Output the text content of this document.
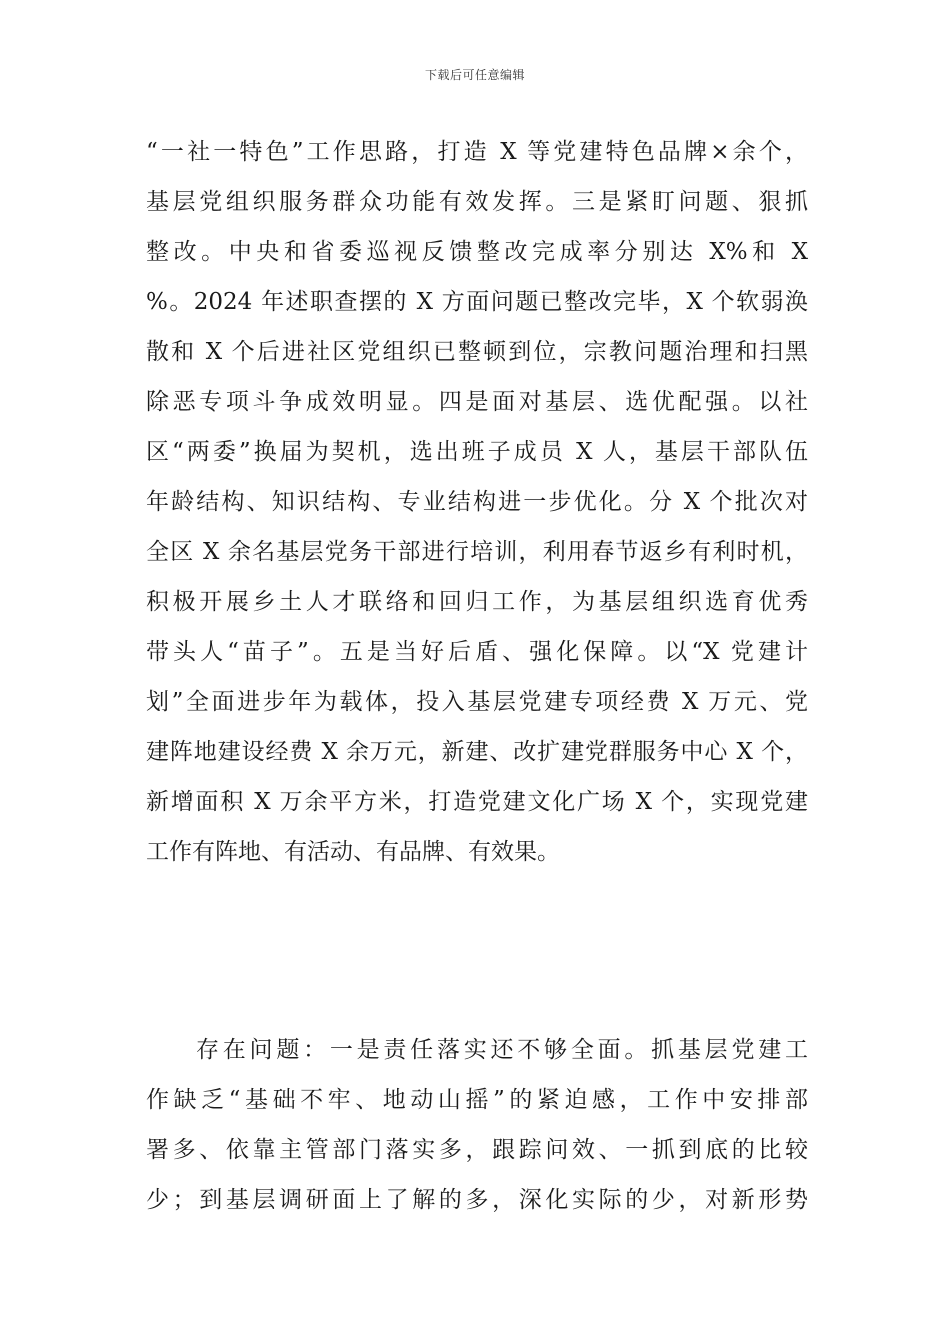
下载后可任意编辑
“一社一特色”工作思路，打造 X 等党建特色品牌×余个，
基层党组织服务群众功能有效发挥。三是紧盯问题、狠抓
整改。中央和省委巡视反馈整改完成率分别达 X%和 X
%。2024 年述职查摆的 X 方面问题已整改完毕，X 个软弱涣
散和 X 个后进社区党组织已整顿到位，宗教问题治理和扫黑
除恶专项斗争成效明显。四是面对基层、选优配强。以社
区“两委”换届为契机，选出班子成员 X 人，基层干部队伍
年龄结构、知识结构、专业结构进一步优化。分 X 个批次对
全区 X 余名基层党务干部进行培训，利用春节返乡有利时机，
积极开展乡土人才联络和回归工作，为基层组织选育优秀
带头人“苗子”。五是当好后盾、强化保障。以“X 党建计
划”全面进步年为载体，投入基层党建专项经费 X 万元、党
建阵地建设经费 X 余万元，新建、改扩建党群服务中心 X 个，
新增面积 X 万余平方米，打造党建文化广场 X 个，实现党建
工作有阵地、有活动、有品牌、有效果。
存在问题：一是责任落实还不够全面。抓基层党建工
作缺乏“基础不牢、地动山摇”的紧迫感，工作中安排部
署多、依靠主管部门落实多，跟踪问效、一抓到底的比较
少；到基层调研面上了解的多，深化实际的少，对新形势
